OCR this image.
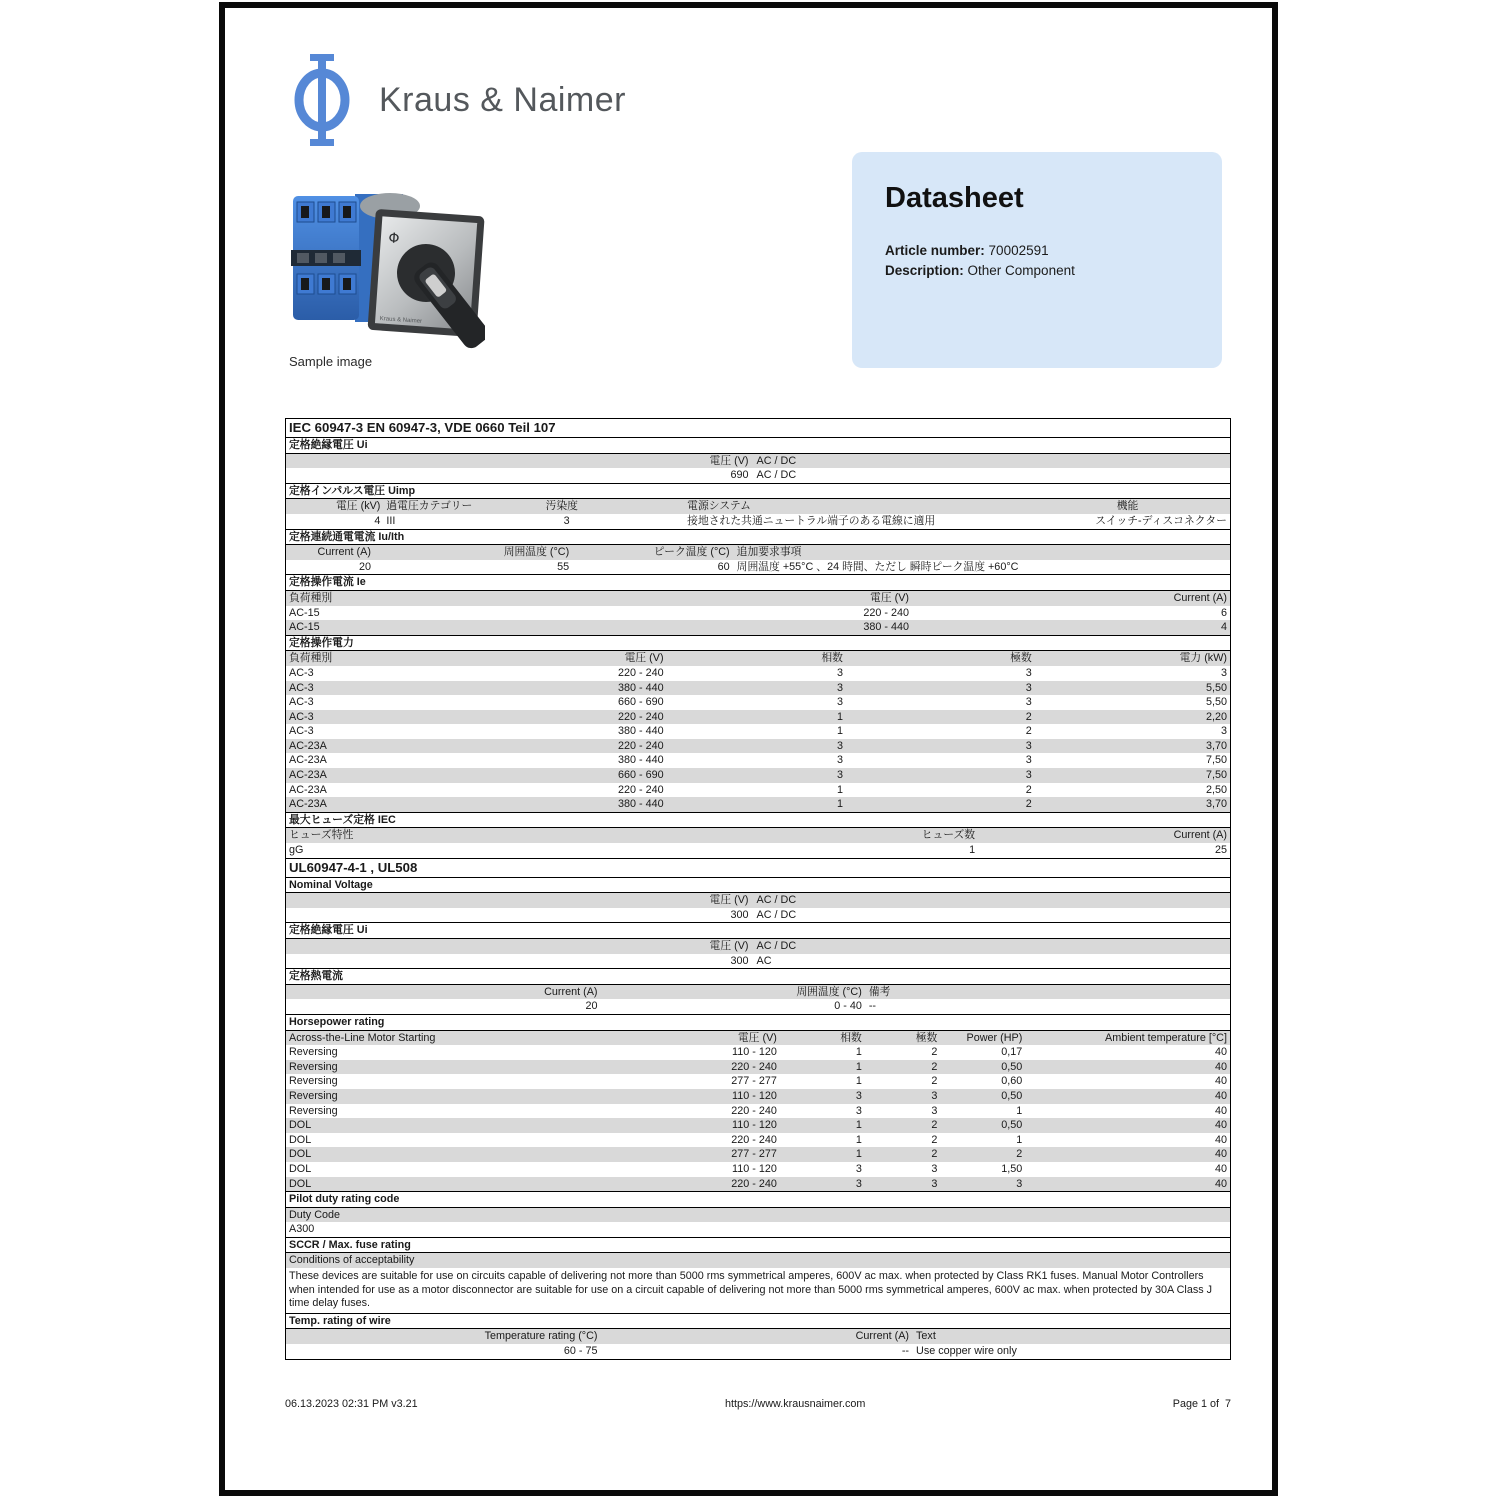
Kraus & Naimer
Φ
Kraus & Naimer
Sample image
Datasheet
Article number: 70002591
Description: Other Component
IEC 60947-3 EN 60947-3, VDE 0660 Teil 107
定格絶縁電圧 Ui
電圧 (V) AC / DC
690 AC / DC
定格インパルス電圧 Uimp
電圧 (kV) 過電圧カテゴリー	汚染度	電源システム	機能
4 III	3	接地された共通ニュートラル端子のある電線に適用	スイッチ-ディスコネクター
定格連続通電電流 Iu/Ith
Current (A)	周囲温度 (°C)	ピーク温度 (°C) 追加要求事項
20	55	60 周囲温度 +55°C 、24 時間、ただし 瞬時ピーク温度 +60°C
定格操作電流 Ie
負荷種別	電圧 (V)	Current (A)
AC-15	220 - 240	6
AC-15	380 - 440	4
定格操作電力
負荷種別	電圧 (V)	相数	極数	電力 (kW)
AC-3	220 - 240	3	3	3
AC-3	380 - 440	3	3	5,50
AC-3	660 - 690	3	3	5,50
AC-3	220 - 240	1	2	2,20
AC-3	380 - 440	1	2	3
AC-23A	220 - 240	3	3	3,70
AC-23A	380 - 440	3	3	7,50
AC-23A	660 - 690	3	3	7,50
AC-23A	220 - 240	1	2	2,50
AC-23A	380 - 440	1	2	3,70
最大ヒューズ定格 IEC
ヒューズ特性	ヒューズ数	Current (A)
gG	1	25
UL60947-4-1 , UL508
Nominal Voltage
電圧 (V) AC / DC
300 AC / DC
定格絶縁電圧 Ui
電圧 (V) AC / DC
300 AC
定格熱電流
Current (A)	周囲温度 (°C) 備考
20	0 - 40 --
Horsepower rating
Across-the-Line Motor Starting	電圧 (V)	相数	極数	Power (HP)	Ambient temperature [°C]
Reversing	110 - 120	1	2	0,17	40
Reversing	220 - 240	1	2	0,50	40
Reversing	277 - 277	1	2	0,60	40
Reversing	110 - 120	3	3	0,50	40
Reversing	220 - 240	3	3	1	40
DOL	110 - 120	1	2	0,50	40
DOL	220 - 240	1	2	1	40
DOL	277 - 277	1	2	2	40
DOL	110 - 120	3	3	1,50	40
DOL	220 - 240	3	3	3	40
Pilot duty rating code
Duty Code
A300
SCCR / Max. fuse rating
Conditions of acceptability
These devices are suitable for use on circuits capable of delivering not more than 5000 rms symmetrical amperes, 600V ac max. when protected by Class RK1 fuses. Manual Motor Controllers when intended for use as a motor disconnector are suitable for use on a circuit capable of delivering not more than 5000 rms symmetrical amperes, 600V ac max. when protected by 30A Class J time delay fuses.
Temp. rating of wire
Temperature rating (°C)	Current (A) Text
60 - 75	-- Use copper wire only
06.13.2023 02:31 PM v3.21	https://www.krausnaimer.com	Page 1 of  7
